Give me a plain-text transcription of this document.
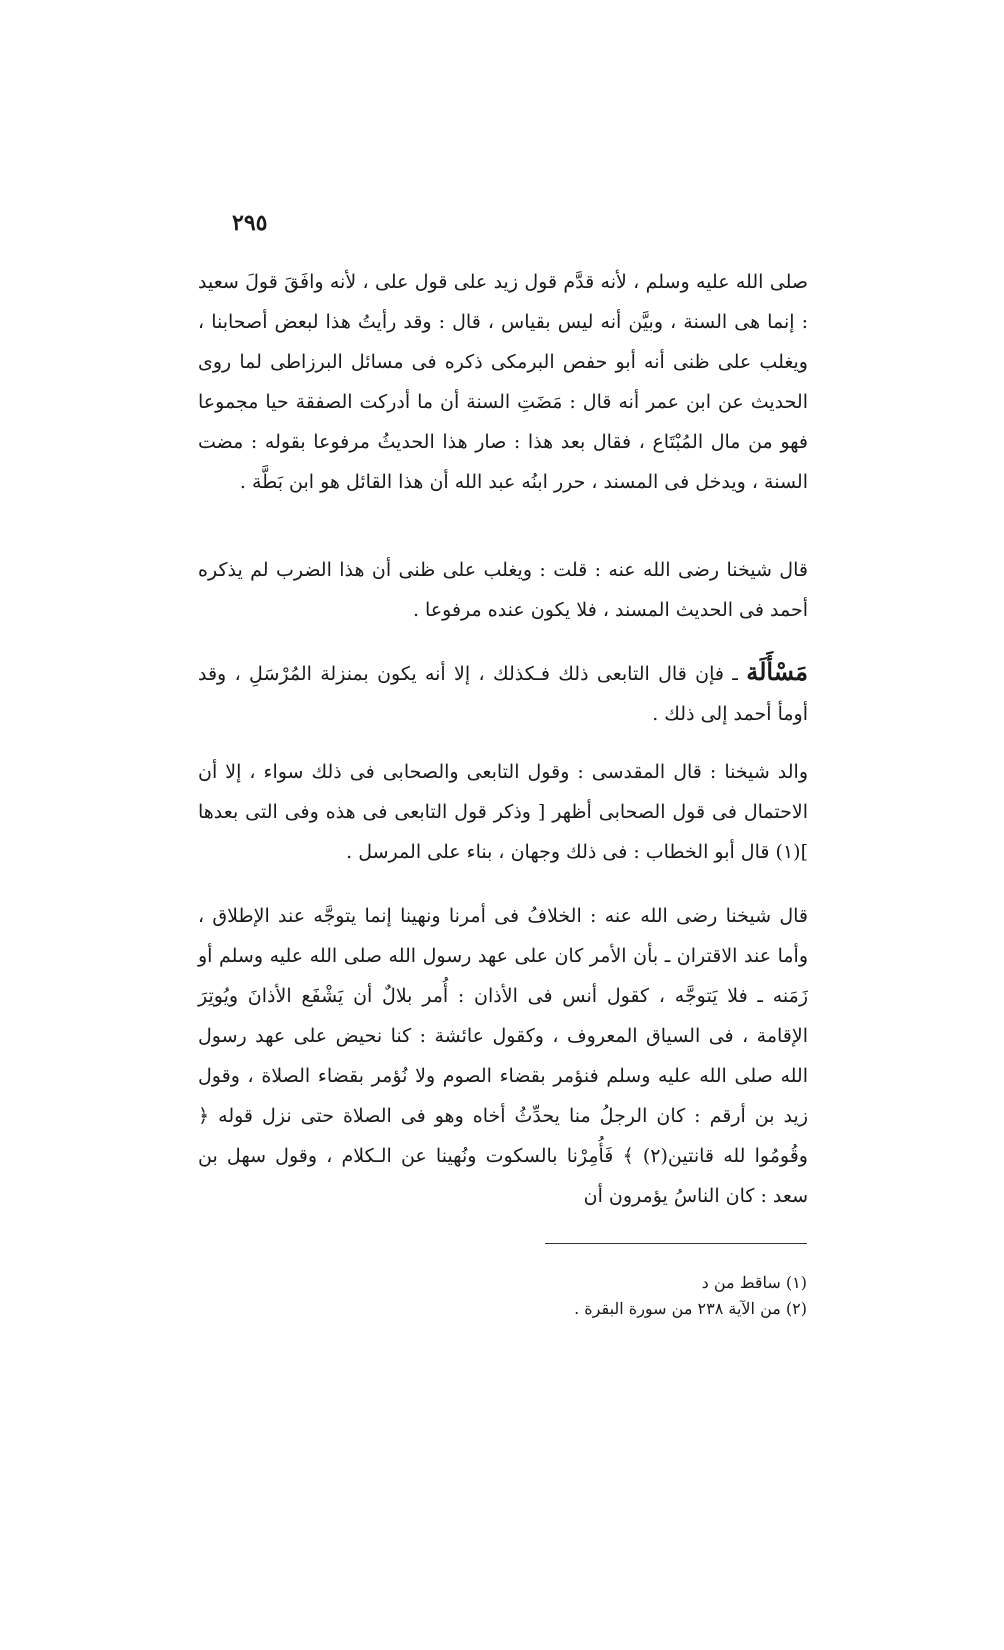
٢٩٥

صلى الله عليه وسلم ، لأنه قدَّم قول زيد على قول على ، لأنه وافَقَ قولَ سعيد : إنما هى السنة ، وبيَّن أنه ليس بقياس ، قال : وقد رأيتُ هذا لبعض أصحابنا ، ويغلب على ظنى أنه أبو حفص البرمكى ذكره فى مسائل البرزاطى لما روى الحديث عن ابن عمر أنه قال : مَضَتِ السنة أن ما أدركت الصفقة حيا مجموعا فهو من مال المُبْتَاع ، فقال بعد هذا : صار هذا الحديثُ مرفوعا بقوله : مضت السنة ، ويدخل فى المسند ، حرر ابنُه عبد الله أن هذا القائل هو ابن بَطَّة .

قال شيخنا رضى الله عنه : قلت : ويغلب على ظنى أن هذا الضرب لم يذكره أحمد فى الحديث المسند ، فلا يكون عنده مرفوعا .

مَسْأَلَة ـ فإن قال التابعى ذلك فـكذلك ، إلا أنه يكون بمنزلة المُرْسَلِ ، وقد أومأ أحمد إلى ذلك .

والد شيخنا : قال المقدسى : وقول التابعى والصحابى فى ذلك سواء ، إلا أن الاحتمال فى قول الصحابى أظهر [ وذكر قول التابعى فى هذه وفى التى بعدها ](١) قال أبو الخطاب : فى ذلك وجهان ، بناء على المرسل .

قال شيخنا رضى الله عنه : الخلافُ فى أمرنا ونهينا إنما يتوجَّه عند الإطلاق ، وأما عند الاقتران ـ بأن الأمر كان على عهد رسول الله صلى الله عليه وسلم أو زَمَنه ـ فلا يَتوجَّه ، كقول أنس فى الأذان : أُمر بلالٌ أن يَشْفَع الأذانَ ويُوتِرَ الإقامة ، فى السياق المعروف ، وكقول عائشة : كنا نحيض على عهد رسول الله صلى الله عليه وسلم فنؤمر بقضاء الصوم ولا نُؤمر بقضاء الصلاة ، وقول زيد بن أرقم : كان الرجلُ منا يحدِّثُ أخاه وهو فى الصلاة حتى نزل قوله ﴿ وقُومُوا لله قانتين(٢) ﴾ فَأُمِرْنا بالسكوت ونُهينا عن الـكلام ، وقول سهل بن سعد : كان الناسُ يؤمرون أن

(١) ساقط من د
(٢) من الآية ٢٣٨ من سورة البقرة .
